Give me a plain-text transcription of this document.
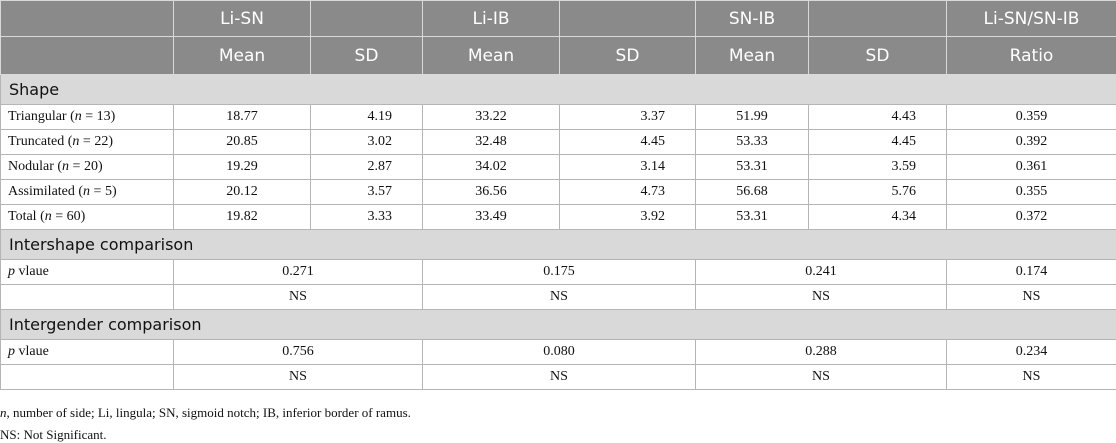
	Li-SN		Li-IB		SN-IB		Li-SN/SN-IB
	Mean	SD	Mean	SD	Mean	SD	Ratio
Shape							
Triangular (n = 13)	18.77	4.19	33.22	3.37	51.99	4.43	0.359
Truncated (n = 22)	20.85	3.02	32.48	4.45	53.33	4.45	0.392
Nodular (n = 20)	19.29	2.87	34.02	3.14	53.31	3.59	0.361
Assimilated (n = 5)	20.12	3.57	36.56	4.73	56.68	5.76	0.355
Total (n = 60)	19.82	3.33	33.49	3.92	53.31	4.34	0.372
Intershape comparison							
p vlaue	0.271		0.175		0.241		0.174
	NS		NS		NS		NS
Intergender comparison							
p vlaue	0.756		0.080		0.288		0.234
	NS		NS		NS		NS
n, number of side; Li, lingula; SN, sigmoid notch; IB, inferior border of ramus.
NS: Not Significant.
